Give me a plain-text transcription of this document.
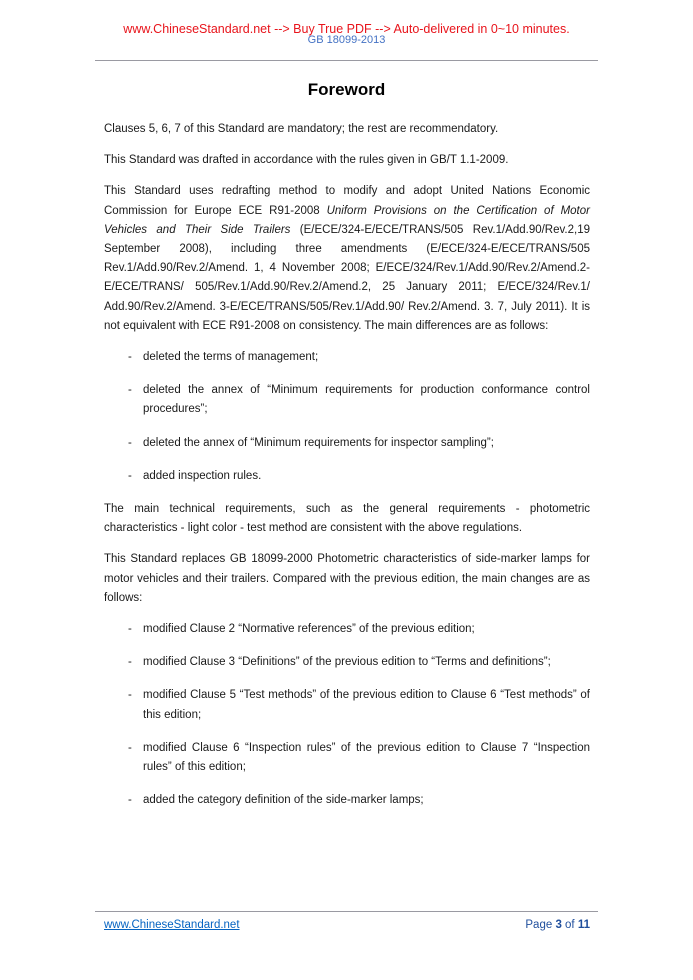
www.ChineseStandard.net --> Buy True PDF --> Auto-delivered in 0~10 minutes.
GB 18099-2013
Foreword

Clauses 5, 6, 7 of this Standard are mandatory; the rest are recommendatory.

This Standard was drafted in accordance with the rules given in GB/T 1.1-2009.

This Standard uses redrafting method to modify and adopt United Nations Economic Commission for Europe ECE R91-2008 Uniform Provisions on the Certification of Motor Vehicles and Their Side Trailers (E/ECE/324-E/ECE/TRANS/505 Rev.1/Add.90/Rev.2,19 September 2008), including three amendments (E/ECE/324-E/ECE/TRANS/505 Rev.1/Add.90/Rev.2/Amend. 1, 4 November 2008; E/ECE/324/Rev.1/Add.90/Rev.2/Amend.2-E/ECE/TRANS/ 505/Rev.1/Add.90/Rev.2/Amend.2, 25 January 2011; E/ECE/324/Rev.1/ Add.90/Rev.2/Amend. 3-E/ECE/TRANS/505/Rev.1/Add.90/ Rev.2/Amend. 3. 7, July 2011). It is not equivalent with ECE R91-2008 on consistency. The main differences are as follows:

- deleted the terms of management;
- deleted the annex of “Minimum requirements for production conformance control procedures”;
- deleted the annex of “Minimum requirements for inspector sampling”;
- added inspection rules.

The main technical requirements, such as the general requirements - photometric characteristics - light color - test method are consistent with the above regulations.

This Standard replaces GB 18099-2000 Photometric characteristics of side-marker lamps for motor vehicles and their trailers. Compared with the previous edition, the main changes are as follows:

- modified Clause 2 “Normative references” of the previous edition;
- modified Clause 3 “Definitions” of the previous edition to “Terms and definitions”;
- modified Clause 5 “Test methods” of the previous edition to Clause 6 “Test methods” of this edition;
- modified Clause 6 “Inspection rules” of the previous edition to Clause 7 “Inspection rules” of this edition;
- added the category definition of the side-marker lamps;
www.ChineseStandard.net	Page 3 of 11
